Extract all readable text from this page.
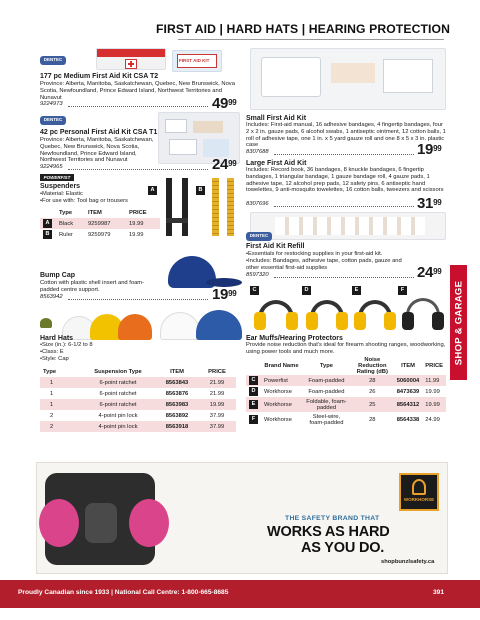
FIRST AID | HARD HATS | HEARING PROTECTION
SHOP & GARAGE
DENTEC	FIRST AID KIT
177 pc Medium First Aid Kit CSA T2
Province: Alberta, Manitoba, Saskatchewan, Quebec, New Brunswick, Nova Scotia, Newfoundland, Prince Edward Island, Northwest Territories and Nunavut
9224973	$49^{99}$
DENTEC
42 pc Personal First Aid Kit CSA T1
Province: Alberta, Manitoba, Saskatchewan, Quebec, New Brunswick, Nova Scotia, Newfoundland, Prince Edward Island, Northwest Territories and Nunavut
9224965	$24^{99}$
Small First Aid Kit
Includes: First-aid manual, 16 adhesive bandages, 4 fingertip bandages, four 2 x 2 in. gauze pads, 6 alcohol swabs, 1 antiseptic ointment, 12 cotton balls, 1 roll of adhesive tape, one 1 in. x 5 yard gauze roll and one 8 x 5 x 3 in. plastic case
8307688	$19^{99}$
Large First Aid Kit
Includes: Record book, 36 bandages, 8 knuckle bandages, 6 fingertip bandages, 1 triangular bandage, 1 gauze bandage roll, 4 gauze pads, 1 adhesive tape, 12 alcohol prep pads, 12 safety pins, 6 antiseptic hand towelettes, 9 anti-mosquito towelettes, 16 cotton balls, tweezers and scissors
8307696	$31^{99}$
POWERFIST
Suspenders
•Material: Elastic
•For use with: Tool bag or trousers
	Type	ITEM	PRICE
A	Black	9259987	19.99
B	Ruler	9259979	19.99
A	B
DENTEC
First Aid Kit Refill
•Essentials for restocking supplies in your first-aid kit.
•Includes: Bandages, adhesive tape, cotton pads, gauze and other essential first-aid supplies
8597320	$24^{99}$
Bump Cap
Cotton with plastic shell insert and foam-padded centre support.
8563942	$19^{99}$	C	D	E	F
Ear Muffs/Hearing Protectors
Provide noise reduction that's ideal for firearm shooting ranges, woodworking, using power tools and much more.
	Brand Name	Type	Noise Reduction Rating (dB)	ITEM	PRICE
C	Powerfist	Foam-padded	28	5060004	11.99
D	Workhorse	Foam-padded	26	8473639	19.99
E	Workhorse	Foldable, foam-padded	25	8564312	19.99
F	Workhorse	Steel-wire, foam-padded	28	8564338	24.99
Hard Hats
•Size (in.): 6-1/2 to 8
•Class: E
•Style: Cap
Type	Suspension Type	ITEM	PRICE
1	6-point ratchet	8563843	21.99
1	6-point ratchet	8563876	21.99
1	6-point ratchet	8563983	19.99
2	4-point pin lock	8563892	37.99
2	4-point pin lock	8563918	37.99
WORKHORSE
THE SAFETY BRAND THAT
WORKS AS HARD
AS YOU DO.
shopbunzlsafety.ca
Proudly Canadian since 1933 | National Call Centre: 1-800-665-8685	391
